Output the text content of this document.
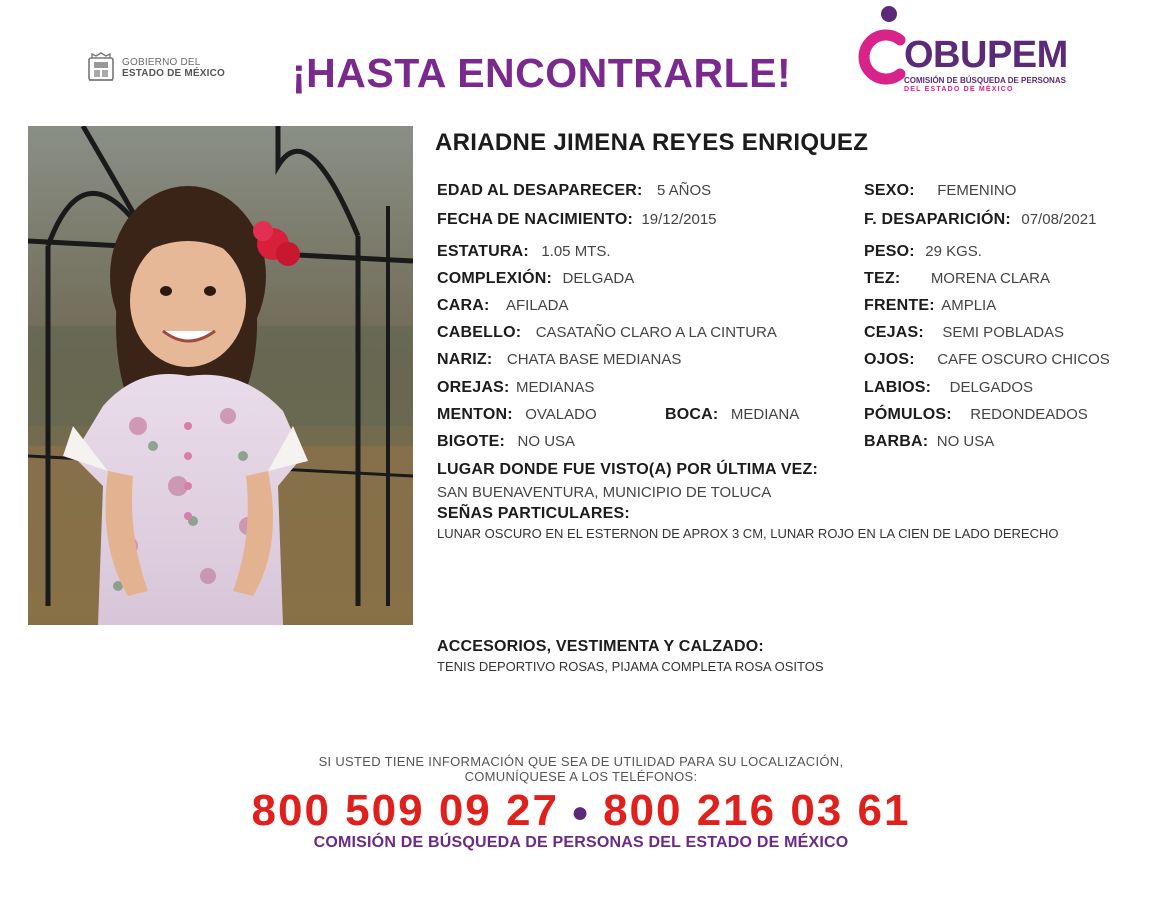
GOBIERNO DEL
ESTADO DE MÉXICO ¡HASTA ENCONTRARLE!	OBUPEM
COMISIÓN DE BÚSQUEDA DE PERSONAS
DEL ESTADO DE MÉXICO
ARIADNE JIMENA REYES ENRIQUEZ
EDAD AL DESAPARECER: 5 AÑOS
FECHA DE NACIMIENTO: 19/12/2015
ESTATURA: 1.05 MTS.
COMPLEXIÓN: DELGADA
CARA: AFILADA
CABELLO: CASATAÑO CLARO A LA CINTURA
NARIZ: CHATA BASE MEDIANAS
OREJAS: MEDIANAS
MENTON: OVALADO	BOCA: MEDIANA
BIGOTE: NO USA
SEXO: FEMENINO
F. DESAPARICIÓN: 07/08/2021
PESO: 29 KGS.
TEZ: MORENA CLARA
FRENTE: AMPLIA
CEJAS: SEMI POBLADAS
OJOS: CAFE OSCURO CHICOS
LABIOS: DELGADOS
PÓMULOS: REDONDEADOS
BARBA: NO USA
LUGAR DONDE FUE VISTO(A) POR ÚLTIMA VEZ:
SAN BUENAVENTURA, MUNICIPIO DE TOLUCA
SEÑAS PARTICULARES:
LUNAR OSCURO EN EL ESTERNON DE APROX 3 CM, LUNAR ROJO EN LA CIEN DE LADO DERECHO
ACCESORIOS, VESTIMENTA Y CALZADO:
TENIS DEPORTIVO ROSAS, PIJAMA COMPLETA ROSA OSITOS
SI USTED TIENE INFORMACIÓN QUE SEA DE UTILIDAD PARA SU LOCALIZACIÓN,
COMUNÍQUESE A LOS TELÉFONOS:
800 509 09 27 ● 800 216 03 61
COMISIÓN DE BÚSQUEDA DE PERSONAS DEL ESTADO DE MÉXICO
